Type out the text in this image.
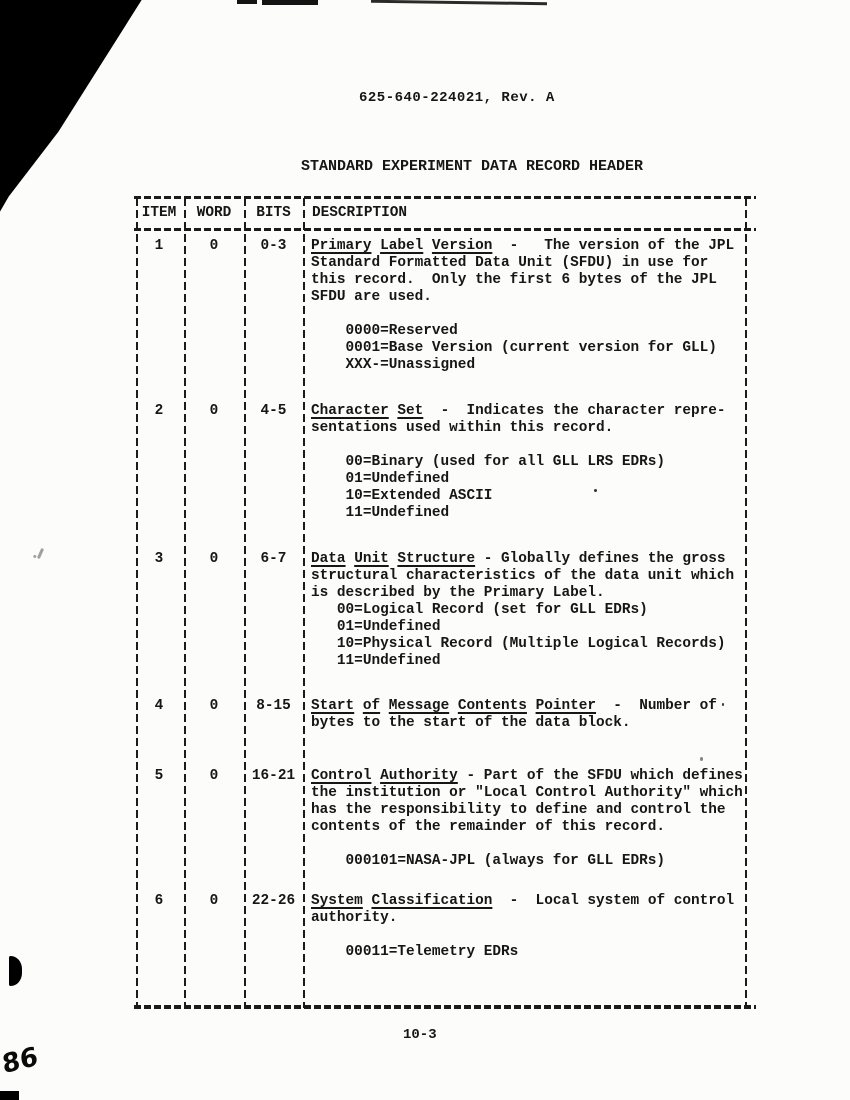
625-640-224021, Rev. A
STANDARD EXPERIMENT DATA RECORD HEADER
ITEM	WORD	BITS	DESCRIPTION
1	0	0-3	Primary Label Version  -   The version of the JPL
Standard Formatted Data Unit (SFDU) in use for
this record.  Only the first 6 bytes of the JPL
SFDU are used.
0000=Reserved
0001=Base Version (current version for GLL)
XXX-=Unassigned
2	0	4-5	Character Set  -  Indicates the character repre-
sentations used within this record.
00=Binary (used for all GLL LRS EDRs)
01=Undefined
10=Extended ASCII
11=Undefined
3	0	6-7	Data Unit Structure - Globally defines the gross
structural characteristics of the data unit which
is described by the Primary Label.
00=Logical Record (set for GLL EDRs)
01=Undefined
10=Physical Record (Multiple Logical Records)
11=Undefined
4	0	8-15	Start of Message Contents Pointer  -  Number of
bytes to the start of the data block.
5	0	16-21	Control Authority - Part of the SFDU which defines
the institution or "Local Control Authority" which
has the responsibility to define and control the
contents of the remainder of this record.
000101=NASA-JPL (always for GLL EDRs)
6	0	22-26	System Classification  -  Local system of control
authority.
00011=Telemetry EDRs
10-3
86
